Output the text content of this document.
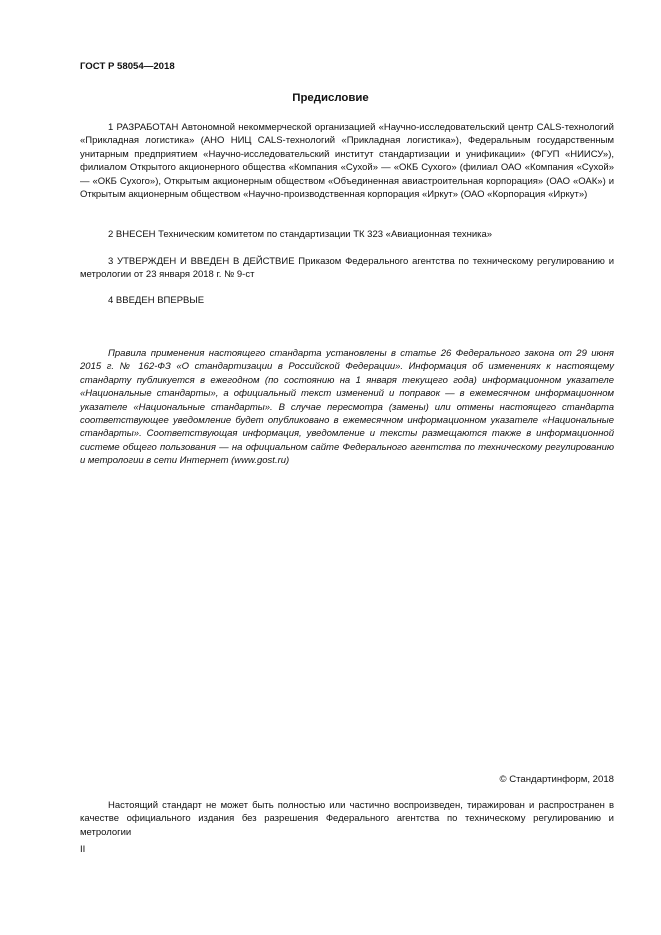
ГОСТ Р 58054—2018
Предисловие

1 РАЗРАБОТАН Автономной некоммерческой организацией «Научно-исследовательский центр CALS-технологий «Прикладная логистика» (АНО НИЦ CALS-технологий «Прикладная логистика»), Федеральным государственным унитарным предприятием «Научно-исследовательский институт стандартизации и унификации» (ФГУП «НИИСУ»), филиалом Открытого акционерного общества «Компания «Сухой» — «ОКБ Сухого» (филиал ОАО «Компания «Сухой» — «ОКБ Сухого»), Открытым акционерным обществом «Объединенная авиастроительная корпорация» (ОАО «ОАК») и Открытым акционерным обществом «Научно-производственная корпорация «Иркут» (ОАО «Корпорация «Иркут»)

2 ВНЕСЕН Техническим комитетом по стандартизации ТК 323 «Авиационная техника»

3 УТВЕРЖДЕН И ВВЕДЕН В ДЕЙСТВИЕ Приказом Федерального агентства по техническому регулированию и метрологии от 23 января 2018 г. № 9-ст

4 ВВЕДЕН ВПЕРВЫЕ

Правила применения настоящего стандарта установлены в статье 26 Федерального закона от 29 июня 2015 г. № 162-ФЗ «О стандартизации в Российской Федерации». Информация об изменениях к настоящему стандарту публикуется в ежегодном (по состоянию на 1 января текущего года) информационном указателе «Национальные стандарты», а официальный текст изменений и поправок — в ежемесячном информационном указателе «Национальные стандарты». В случае пересмотра (замены) или отмены настоящего стандарта соответствующее уведомление будет опубликовано в ежемесячном информационном указателе «Национальные стандарты». Соответствующая информация, уведомление и тексты размещаются также в информационной системе общего пользования — на официальном сайте Федерального агентства по техническому регулированию и метрологии в сети Интернет (www.gost.ru)

© Стандартинформ, 2018

Настоящий стандарт не может быть полностью или частично воспроизведен, тиражирован и распространен в качестве официального издания без разрешения Федерального агентства по техническому регулированию и метрологии

II
